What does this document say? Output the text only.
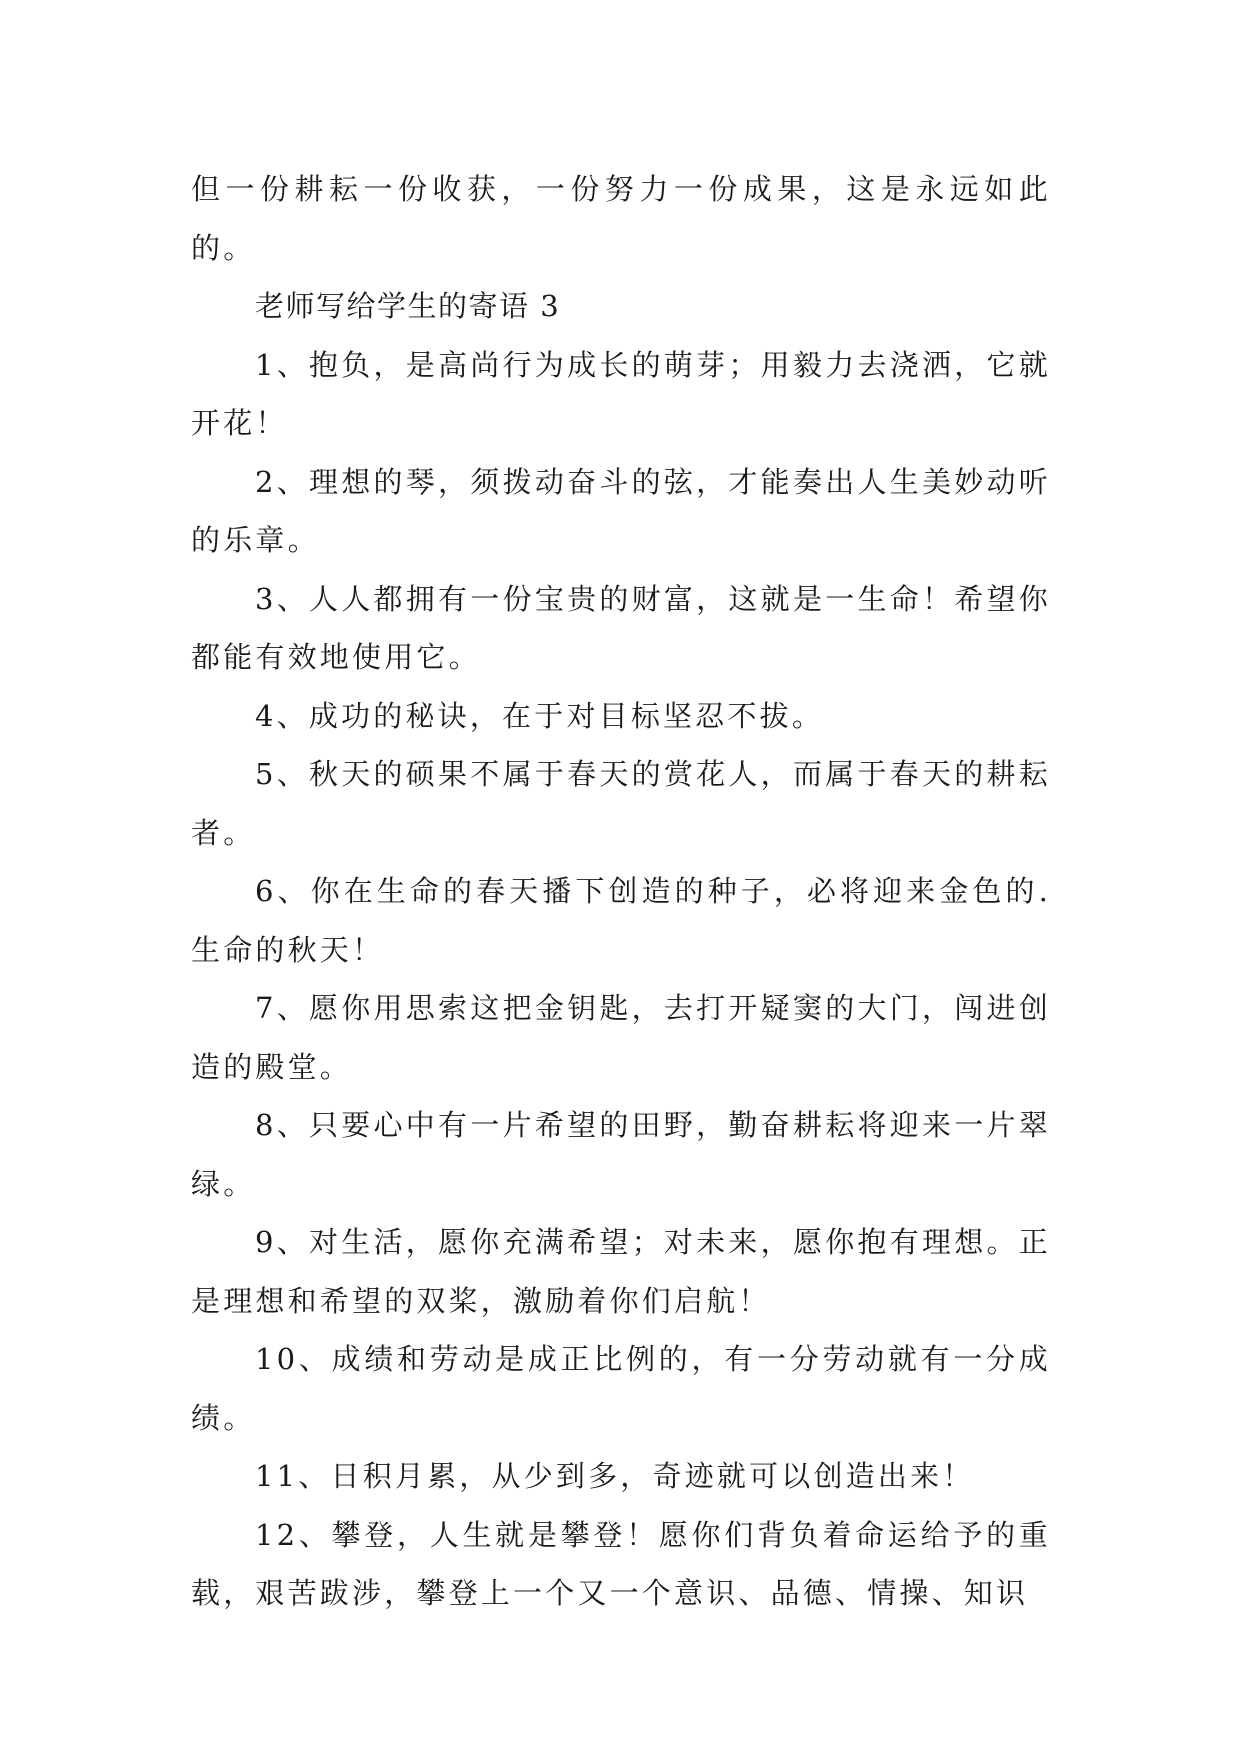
但一份耕耘一份收获，一份努力一份成果，这是永远如此的。

老师写给学生的寄语 3

1、抱负，是高尚行为成长的萌芽；用毅力去浇洒，它就开花！

2、理想的琴，须拨动奋斗的弦，才能奏出人生美妙动听的乐章。

3、人人都拥有一份宝贵的财富，这就是一生命！希望你都能有效地使用它。

4、成功的秘诀，在于对目标坚忍不拔。

5、秋天的硕果不属于春天的赏花人，而属于春天的耕耘者。

6、你在生命的春天播下创造的种子，必将迎来金色的.生命的秋天！

7、愿你用思索这把金钥匙，去打开疑窦的大门，闯进创造的殿堂。

8、只要心中有一片希望的田野，勤奋耕耘将迎来一片翠绿。

9、对生活，愿你充满希望；对未来，愿你抱有理想。正是理想和希望的双桨，激励着你们启航！

10、成绩和劳动是成正比例的，有一分劳动就有一分成绩。

11、日积月累，从少到多，奇迹就可以创造出来！

12、攀登，人生就是攀登！愿你们背负着命运给予的重载，艰苦跋涉，攀登上一个又一个意识、品德、情操、知识
